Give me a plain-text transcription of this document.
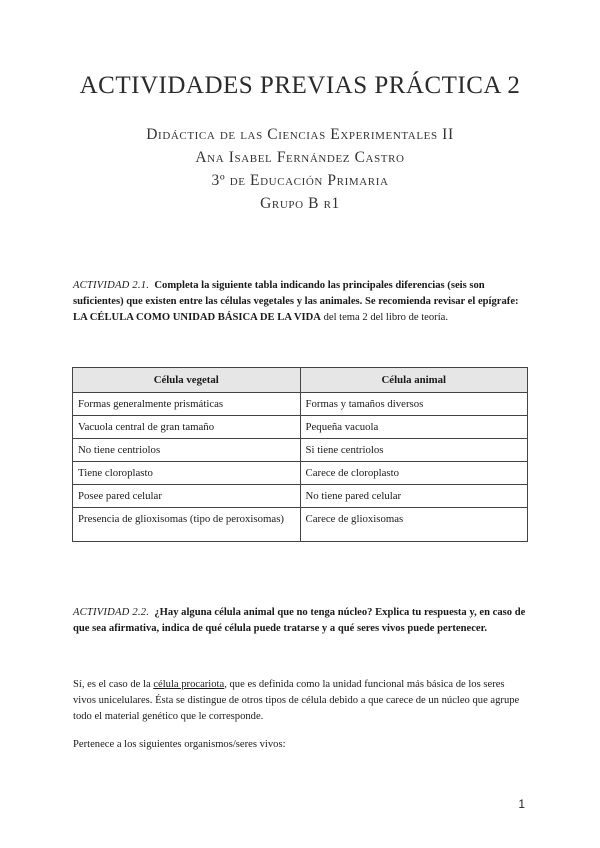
ACTIVIDADES PREVIAS PRÁCTICA 2
Didáctica de las Ciencias Experimentales II
Ana Isabel Fernández Castro
3º de Educación Primaria
Grupo B r1
ACTIVIDAD 2.1. Completa la siguiente tabla indicando las principales diferencias (seis son suficientes) que existen entre las células vegetales y las animales. Se recomienda revisar el epígrafe: LA CÉLULA COMO UNIDAD BÁSICA DE LA VIDA del tema 2 del libro de teoría.
Célula vegetal	Célula animal
Formas generalmente prismáticas	Formas y tamaños diversos
Vacuola central de gran tamaño	Pequeña vacuola
No tiene centriolos	Si tiene centriolos
Tiene cloroplasto	Carece de cloroplasto
Posee pared celular	No tiene pared celular
Presencia de glioxisomas (tipo de peroxisomas)	Carece de glioxisomas
ACTIVIDAD 2.2. ¿Hay alguna célula animal que no tenga núcleo? Explica tu respuesta y, en caso de que sea afirmativa, indica de qué célula puede tratarse y a qué seres vivos puede pertenecer.
Sí, es el caso de la célula procariota, que es definida como la unidad funcional más básica de los seres vivos unicelulares. Ésta se distingue de otros tipos de célula debido a que carece de un núcleo que agrupe todo el material genético que le corresponde.
Pertenece a los siguientes organismos/seres vivos:
1
